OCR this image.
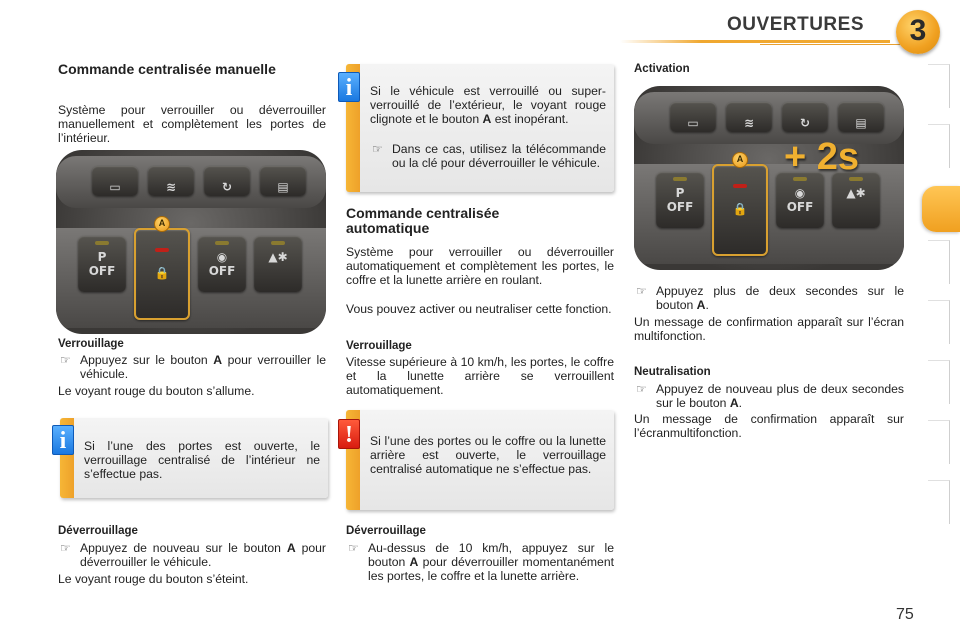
OUVERTURES	3
Commande centralisée manuelle
Système pour verrouiller ou déverrouiller manuellement et complètement les portes de l’intérieur.
▭	≋	↻	▤
P
OFF	🔒
◉
OFF
▲✱
A
Verrouillage
☞ Appuyez sur le bouton A pour verrouiller le véhicule.
Le voyant rouge du bouton s’allume.
Si l’une des portes est ouverte, le verrouillage centralisé de l’intérieur ne s’effectue pas.
i
Déverrouillage
☞ Appuyez de nouveau sur le bouton A pour déverrouiller le véhicule.
Le voyant rouge du bouton s’éteint.
Si le véhicule est verrouillé ou super-verrouillé de l’extérieur, le voyant rouge clignote et le bouton A est inopérant.
☞ Dans ce cas, utilisez la télécommande ou la clé pour déverrouiller le véhicule.
i
Commande centralisée automatique
Système pour verrouiller ou déverrouiller automatiquement et complètement les portes, le coffre et la lunette arrière en roulant.
Vous pouvez activer ou neutraliser cette fonction.
Verrouillage
Vitesse supérieure à 10 km/h, les portes, le coffre et la lunette arrière se verrouillent automatiquement.
Si l’une des portes ou le coffre ou la lunette arrière est ouverte, le verrouillage centralisé automatique ne s’effectue pas.
!
Déverrouillage
☞ Au-dessus de 10 km/h, appuyez sur le bouton A pour déverrouiller momentanément les portes, le coffre et la lunette arrière.
Activation
▭	≋	↻	▤
P
OFF	🔒
◉
OFF
▲✱
A + 2s
☞ Appuyez plus de deux secondes sur le bouton A.
Un message de confirmation apparaît sur l’écran multifonction.
Neutralisation
☞ Appuyez de nouveau plus de deux secondes sur le bouton A.
Un message de confirmation apparaît sur l’écranmultifonction.
75
